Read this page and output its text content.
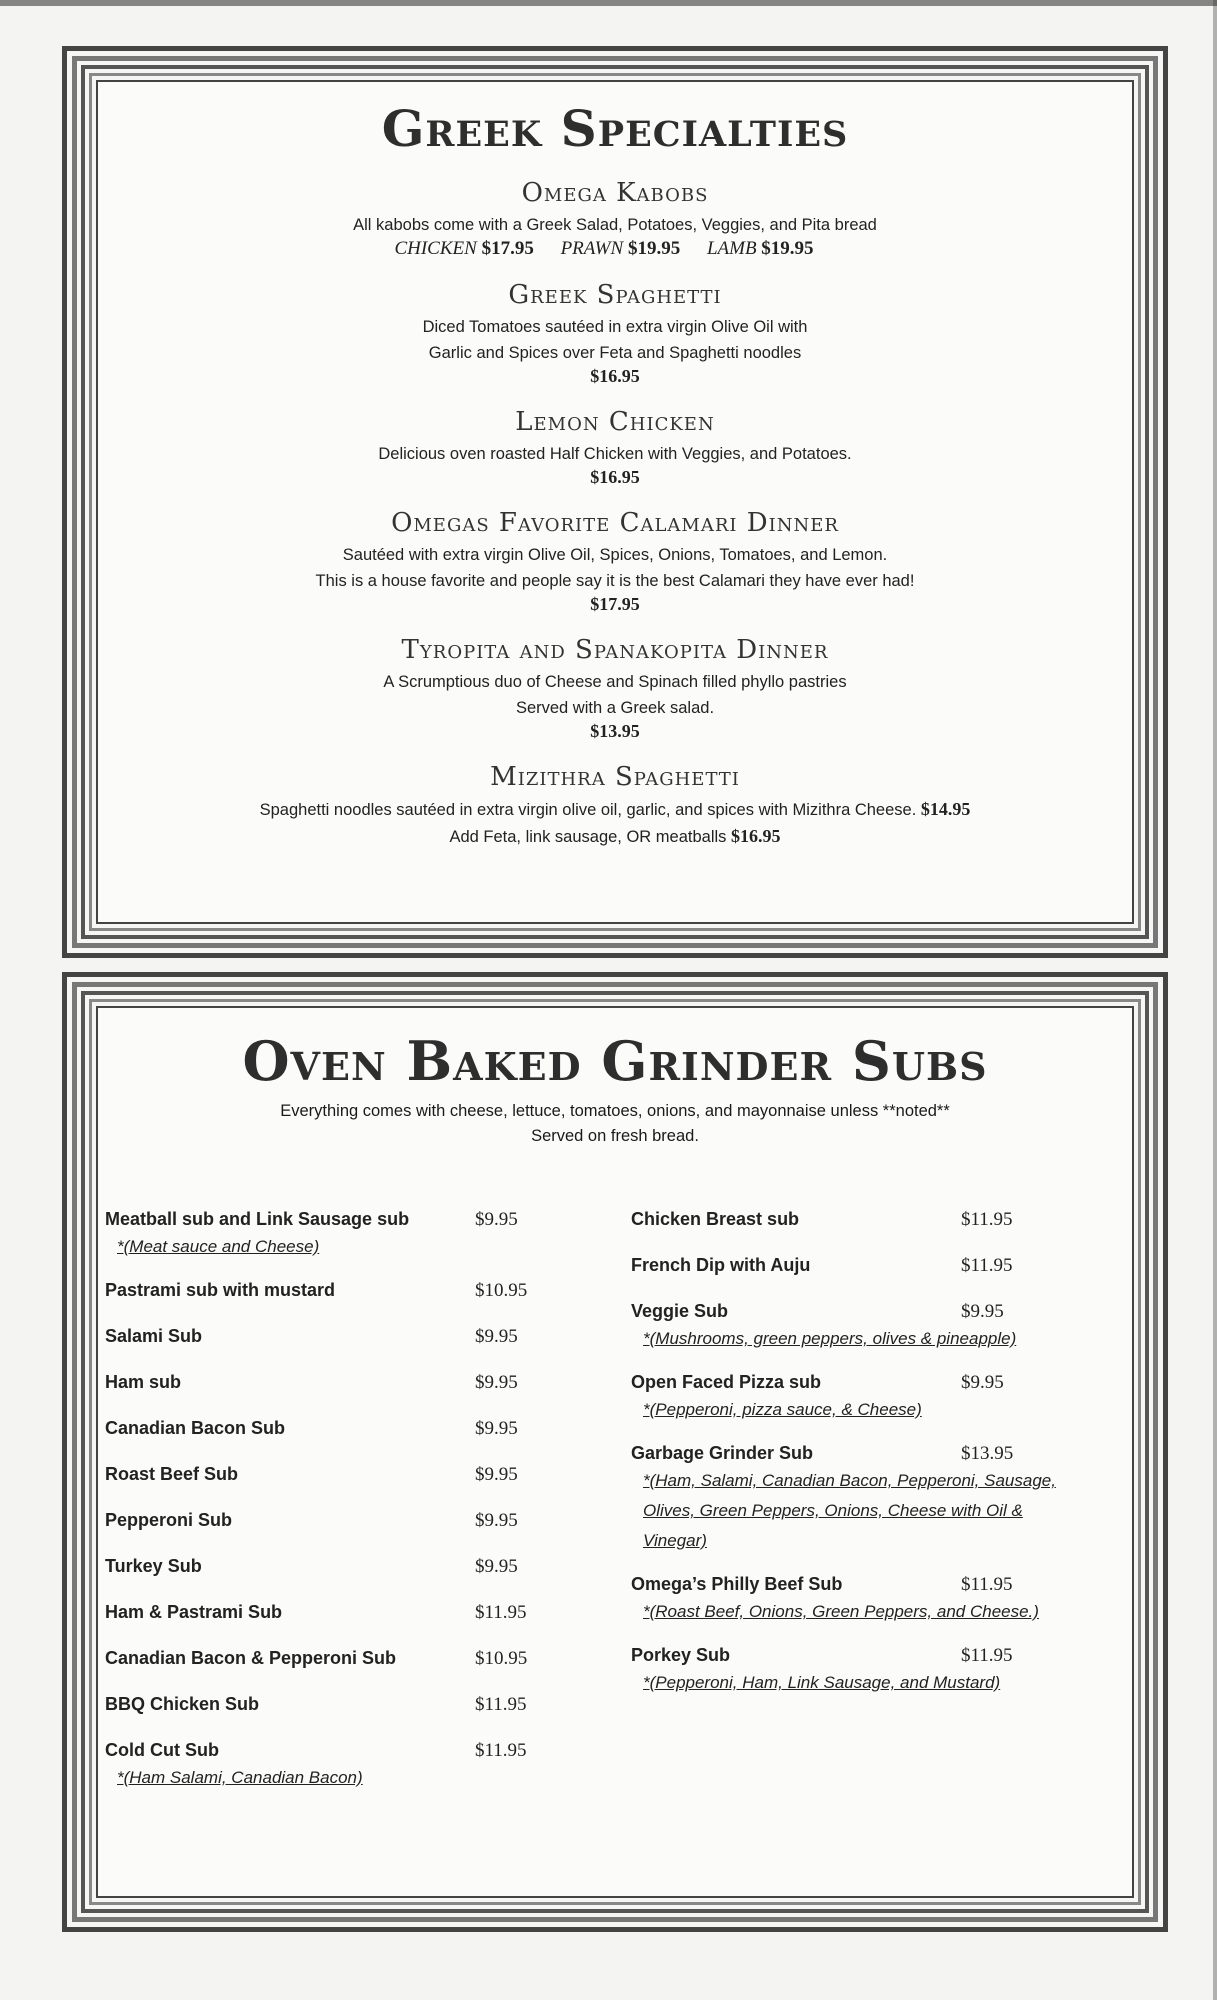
Greek Specialties
Omega Kabobs
All kabobs come with a Greek Salad, Potatoes, Veggies, and Pita bread
CHICKEN $17.95 PRAWN $19.95 LAMB $19.95
Greek Spaghetti
Diced Tomatoes sautéed in extra virgin Olive Oil with
Garlic and Spices over Feta and Spaghetti noodles
$16.95
Lemon Chicken
Delicious oven roasted Half Chicken with Veggies, and Potatoes.
$16.95
Omegas Favorite Calamari Dinner
Sautéed with extra virgin Olive Oil, Spices, Onions, Tomatoes, and Lemon.
This is a house favorite and people say it is the best Calamari they have ever had!
$17.95
Tyropita and Spanakopita Dinner
A Scrumptious duo of Cheese and Spinach filled phyllo pastries
Served with a Greek salad.
$13.95
Mizithra Spaghetti
Spaghetti noodles sautéed in extra virgin olive oil, garlic, and spices with Mizithra Cheese. $14.95
Add Feta, link sausage, OR meatballs $16.95
Oven Baked Grinder Subs
Everything comes with cheese, lettuce, tomatoes, onions, and mayonnaise unless **noted**
Served on fresh bread.
Meatball sub and Link Sausage sub	$9.95
*(Meat sauce and Cheese)
Pastrami sub with mustard	$10.95
Salami Sub	$9.95
Ham sub	$9.95
Canadian Bacon Sub	$9.95
Roast Beef Sub	$9.95
Pepperoni Sub	$9.95
Turkey Sub	$9.95
Ham & Pastrami Sub	$11.95
Canadian Bacon & Pepperoni Sub	$10.95
BBQ Chicken Sub	$11.95
Cold Cut Sub	$11.95
*(Ham Salami, Canadian Bacon)
Chicken Breast sub	$11.95
French Dip with Auju	$11.95
Veggie Sub	$9.95
*(Mushrooms, green peppers, olives & pineapple)
Open Faced Pizza sub	$9.95
*(Pepperoni, pizza sauce, & Cheese)
Garbage Grinder Sub	$13.95
*(Ham, Salami, Canadian Bacon, Pepperoni, Sausage, Olives, Green Peppers, Onions, Cheese with Oil & Vinegar)
Omega’s Philly Beef Sub	$11.95
*(Roast Beef, Onions, Green Peppers, and Cheese.)
Porkey Sub	$11.95
*(Pepperoni, Ham, Link Sausage, and Mustard)
